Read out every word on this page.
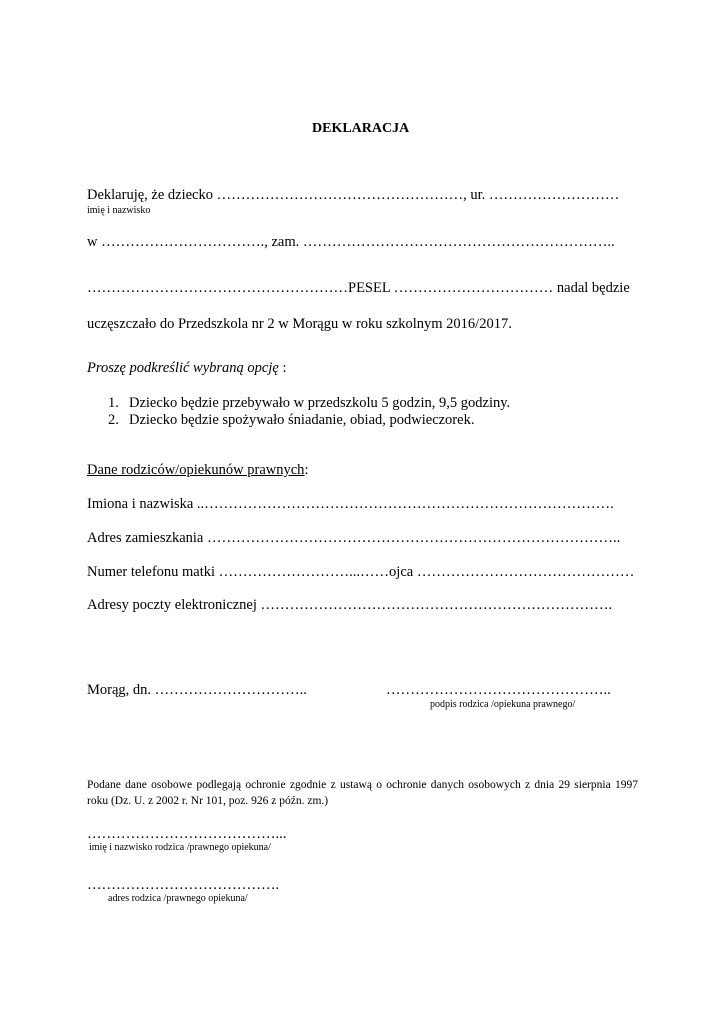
DEKLARACJA
Deklaruję, że dziecko ……………………………………………, ur. ………………………
imię i nazwisko
w ……………………………., zam. ………………………………………………………..
………………………………………………PESEL …………………………… nadal będzie
uczęszczało do Przedszkola nr 2 w Morągu w roku szkolnym 2016/2017.
Proszę podkreślić wybraną opcję :
1. Dziecko będzie przebywało w przedszkolu 5 godzin, 9,5 godziny.
2. Dziecko będzie spożywało śniadanie, obiad, podwieczorek.
Dane rodziców/opiekunów prawnych:
Imiona i nazwiska ..………………………………………………………………………….
Adres zamieszkania …………………………………………………………………………..
Numer telefonu matki ………………………...……ojca ………………………………………
Adresy poczty elektronicznej ……………………………………………………………….
Morąg, dn. …………………………..	………………………………………..
podpis rodzica /opiekuna prawnego/
Podane dane osobowe podlegają ochronie zgodnie z ustawą o ochronie danych osobowych z dnia 29 sierpnia 1997 roku (Dz. U. z 2002 r. Nr 101, poz. 926 z późn. zm.)
…………………………………...
imię i nazwisko rodzica /prawnego opiekuna/
………………………………….
adres rodzica /prawnego opiekuna/
